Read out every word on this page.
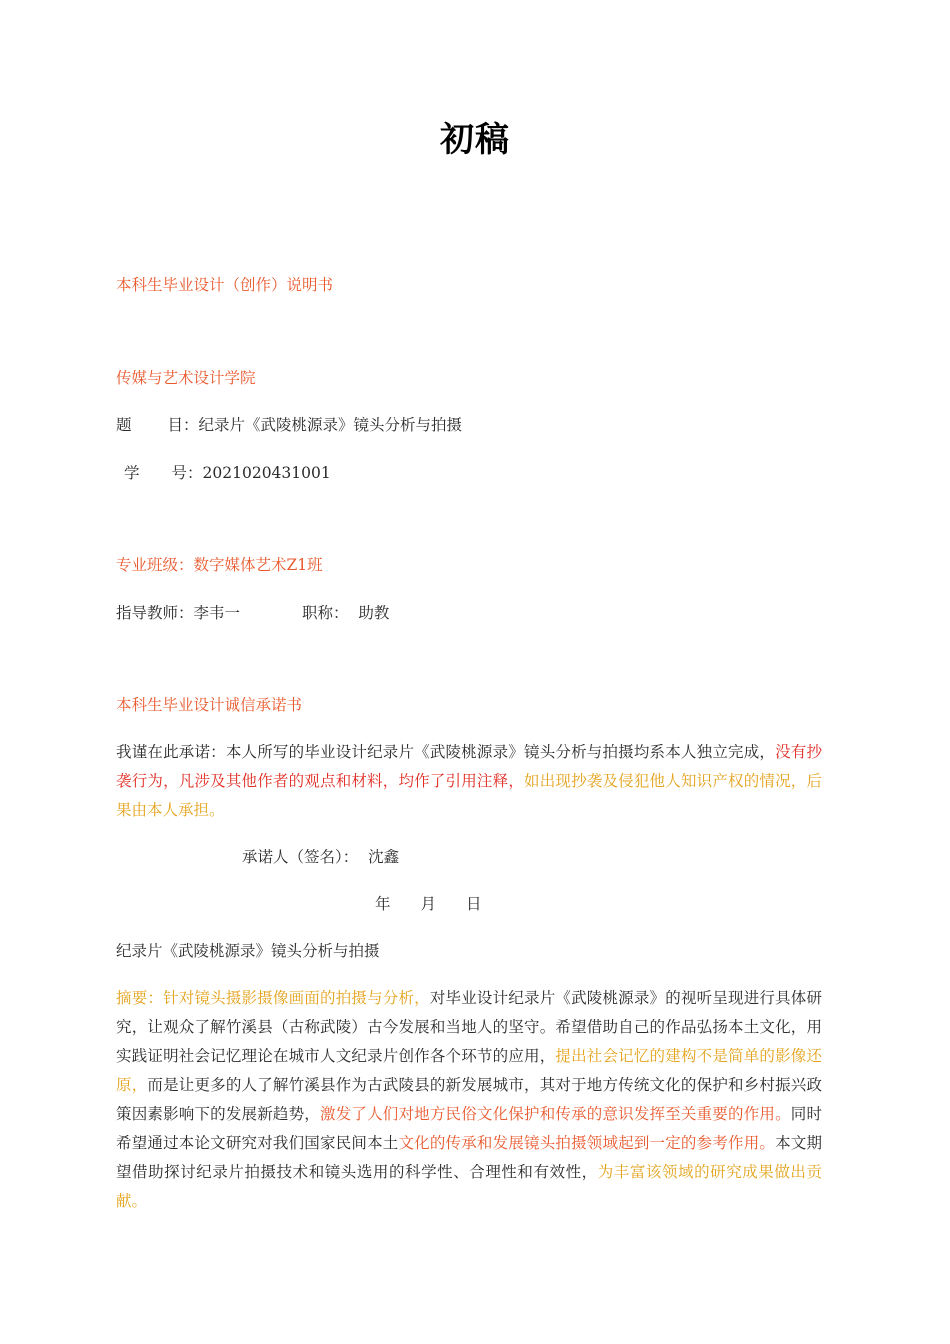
初稿
本科生毕业设计（创作）说明书
传媒与艺术设计学院
题 目：纪录片《武陵桃源录》镜头分析与拍摄
学 号：2021020431001
专业班级：数字媒体艺术Z1班
指导教师：李韦一	职称： 助教
本科生毕业设计诚信承诺书
我谨在此承诺：本人所写的毕业设计纪录片《武陵桃源录》镜头分析与拍摄均系本人独立完成，没有抄袭行为，凡涉及其他作者的观点和材料，均作了引用注释，如出现抄袭及侵犯他人知识产权的情况，后果由本人承担。
承诺人（签名）： 沈鑫
年 月 日
纪录片《武陵桃源录》镜头分析与拍摄
摘要：针对镜头摄影摄像画面的拍摄与分析，对毕业设计纪录片《武陵桃源录》的视听呈现进行具体研究，让观众了解竹溪县（古称武陵）古今发展和当地人的坚守。希望借助自己的作品弘扬本土文化，用实践证明社会记忆理论在城市人文纪录片创作各个环节的应用，提出社会记忆的建构不是简单的影像还原，而是让更多的人了解竹溪县作为古武陵县的新发展城市，其对于地方传统文化的保护和乡村振兴政策因素影响下的发展新趋势，激发了人们对地方民俗文化保护和传承的意识发挥至关重要的作用。同时希望通过本论文研究对我们国家民间本土文化的传承和发展镜头拍摄领域起到一定的参考作用。本文期望借助探讨纪录片拍摄技术和镜头选用的科学性、合理性和有效性，为丰富该领域的研究成果做出贡献。
